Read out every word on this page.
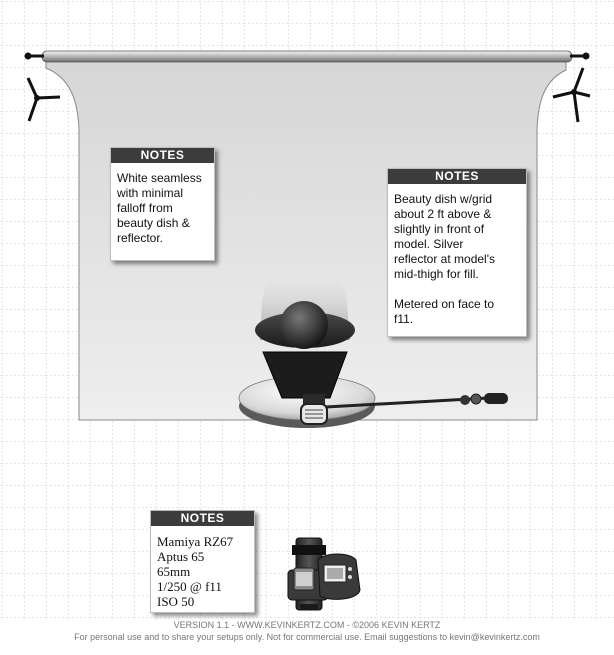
NOTES
White seamless
with minimal
falloff from
beauty dish &
reflector.
NOTES
Beauty dish w/grid
about 2 ft above &
slightly in front of
model. Silver
reflector at model's
mid-thigh for fill.

Metered on face to
f11.
NOTES
Mamiya RZ67
Aptus 65
65mm
1/250 @ f11
ISO 50
VERSION 1.1 - WWW.KEVINKERTZ.COM - ©2006 KEVIN KERTZ
For personal use and to share your setups only. Not for commercial use. Email suggestions to kevin@kevinkertz.com
